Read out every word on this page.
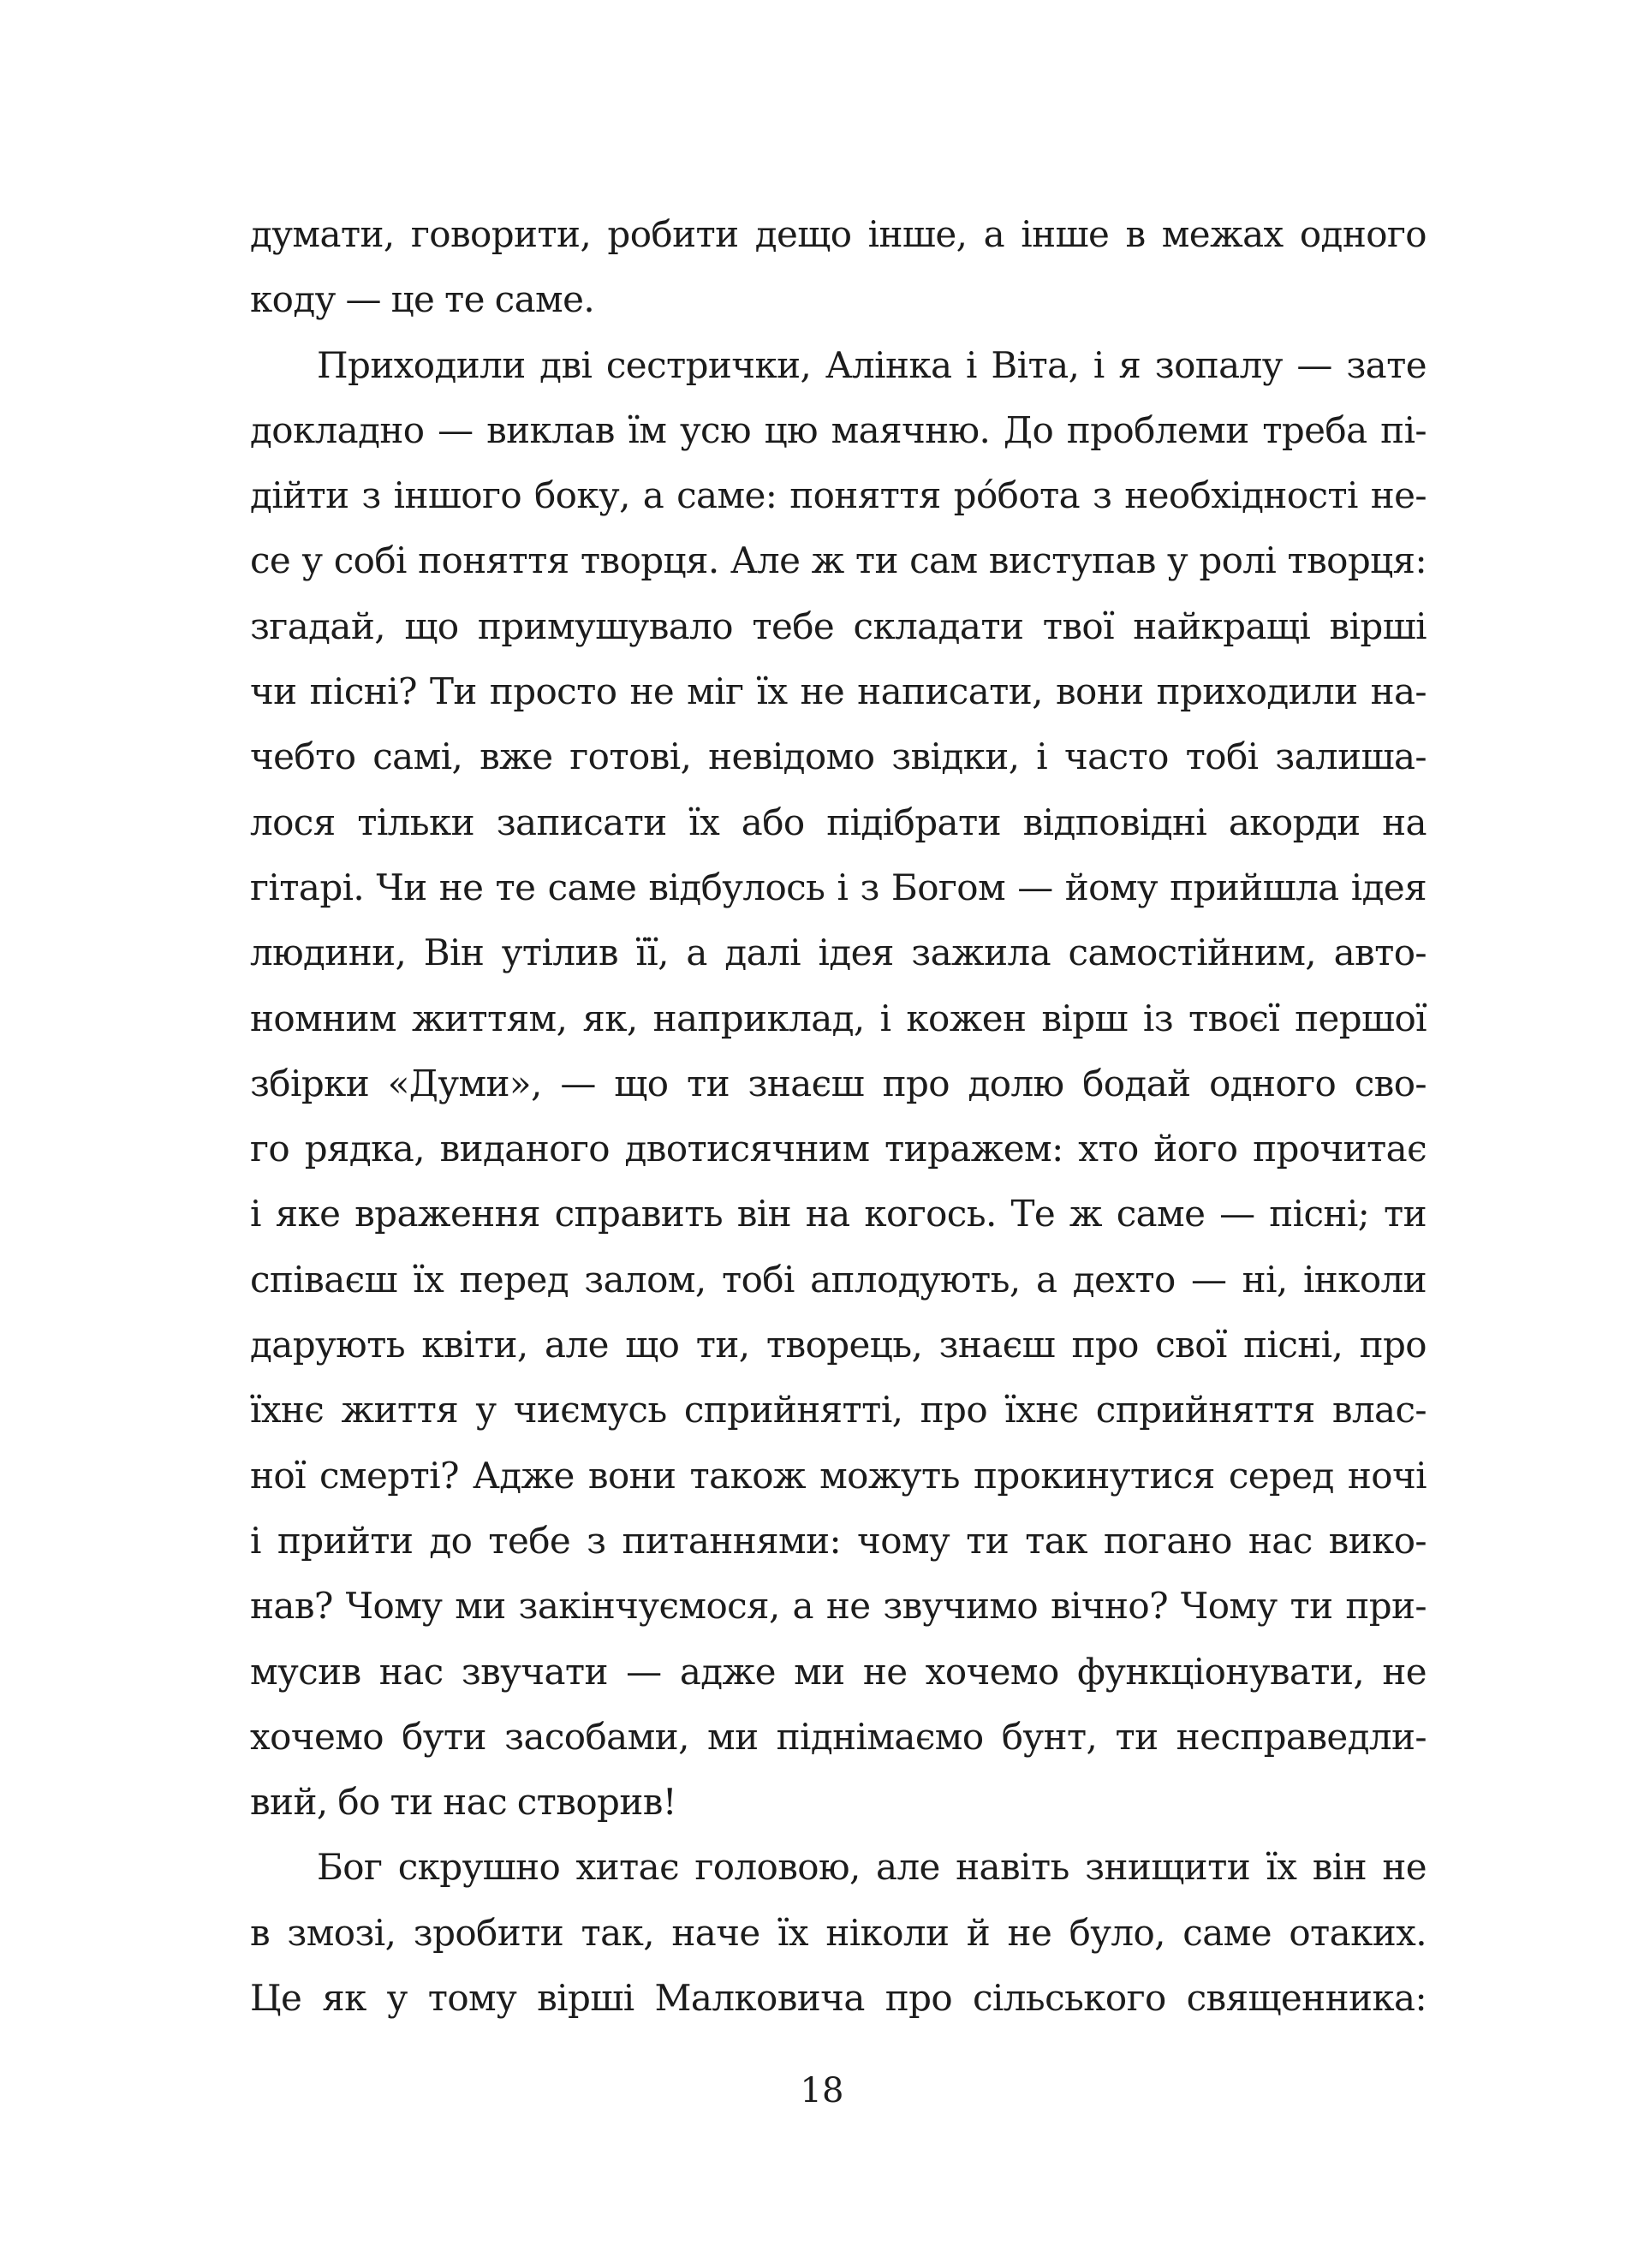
думати, говорити, робити дещо інше, а інше в межах одного
коду — це те саме.
Приходили дві сестрички, Алінка і Віта, і я зопалу — зате
докладно — виклав їм усю цю маячню. До проблеми треба пі-
дійти з іншого боку, а саме: поняття ро́бота з необхідності не-
се у собі поняття творця. Але ж ти сам виступав у ролі творця:
згадай, що примушувало тебе складати твої найкращі вірші
чи пісні? Ти просто не міг їх не написати, вони приходили на-
чебто самі, вже готові, невідомо звідки, і часто тобі залиша-
лося тільки записати їх або підібрати відповідні акорди на
гітарі. Чи не те саме відбулось і з Богом — йому прийшла ідея
людини, Він утілив її, а далі ідея зажила самостійним, авто-
номним життям, як, наприклад, і кожен вірш із твоєї першої
збірки «Думи», — що ти знаєш про долю бодай одного сво-
го рядка, виданого двотисячним тиражем: хто його прочитає
і яке враження справить він на когось. Те ж саме — пісні; ти
співаєш їх перед залом, тобі аплодують, а дехто — ні, інколи
дарують квіти, але що ти, творець, знаєш про свої пісні, про
їхнє життя у чиємусь сприйнятті, про їхнє сприйняття влас-
ної смерті? Адже вони також можуть прокинутися серед ночі
і прийти до тебе з питаннями: чому ти так погано нас вико-
нав? Чому ми закінчуємося, а не звучимо вічно? Чому ти при-
мусив нас звучати — адже ми не хочемо функціонувати, не
хочемо бути засобами, ми піднімаємо бунт, ти несправедли-
вий, бо ти нас створив!
Бог скрушно хитає головою, але навіть знищити їх він не
в змозі, зробити так, наче їх ніколи й не було, саме отаких.
Це як у тому вірші Малковича про сільського священника:
18
